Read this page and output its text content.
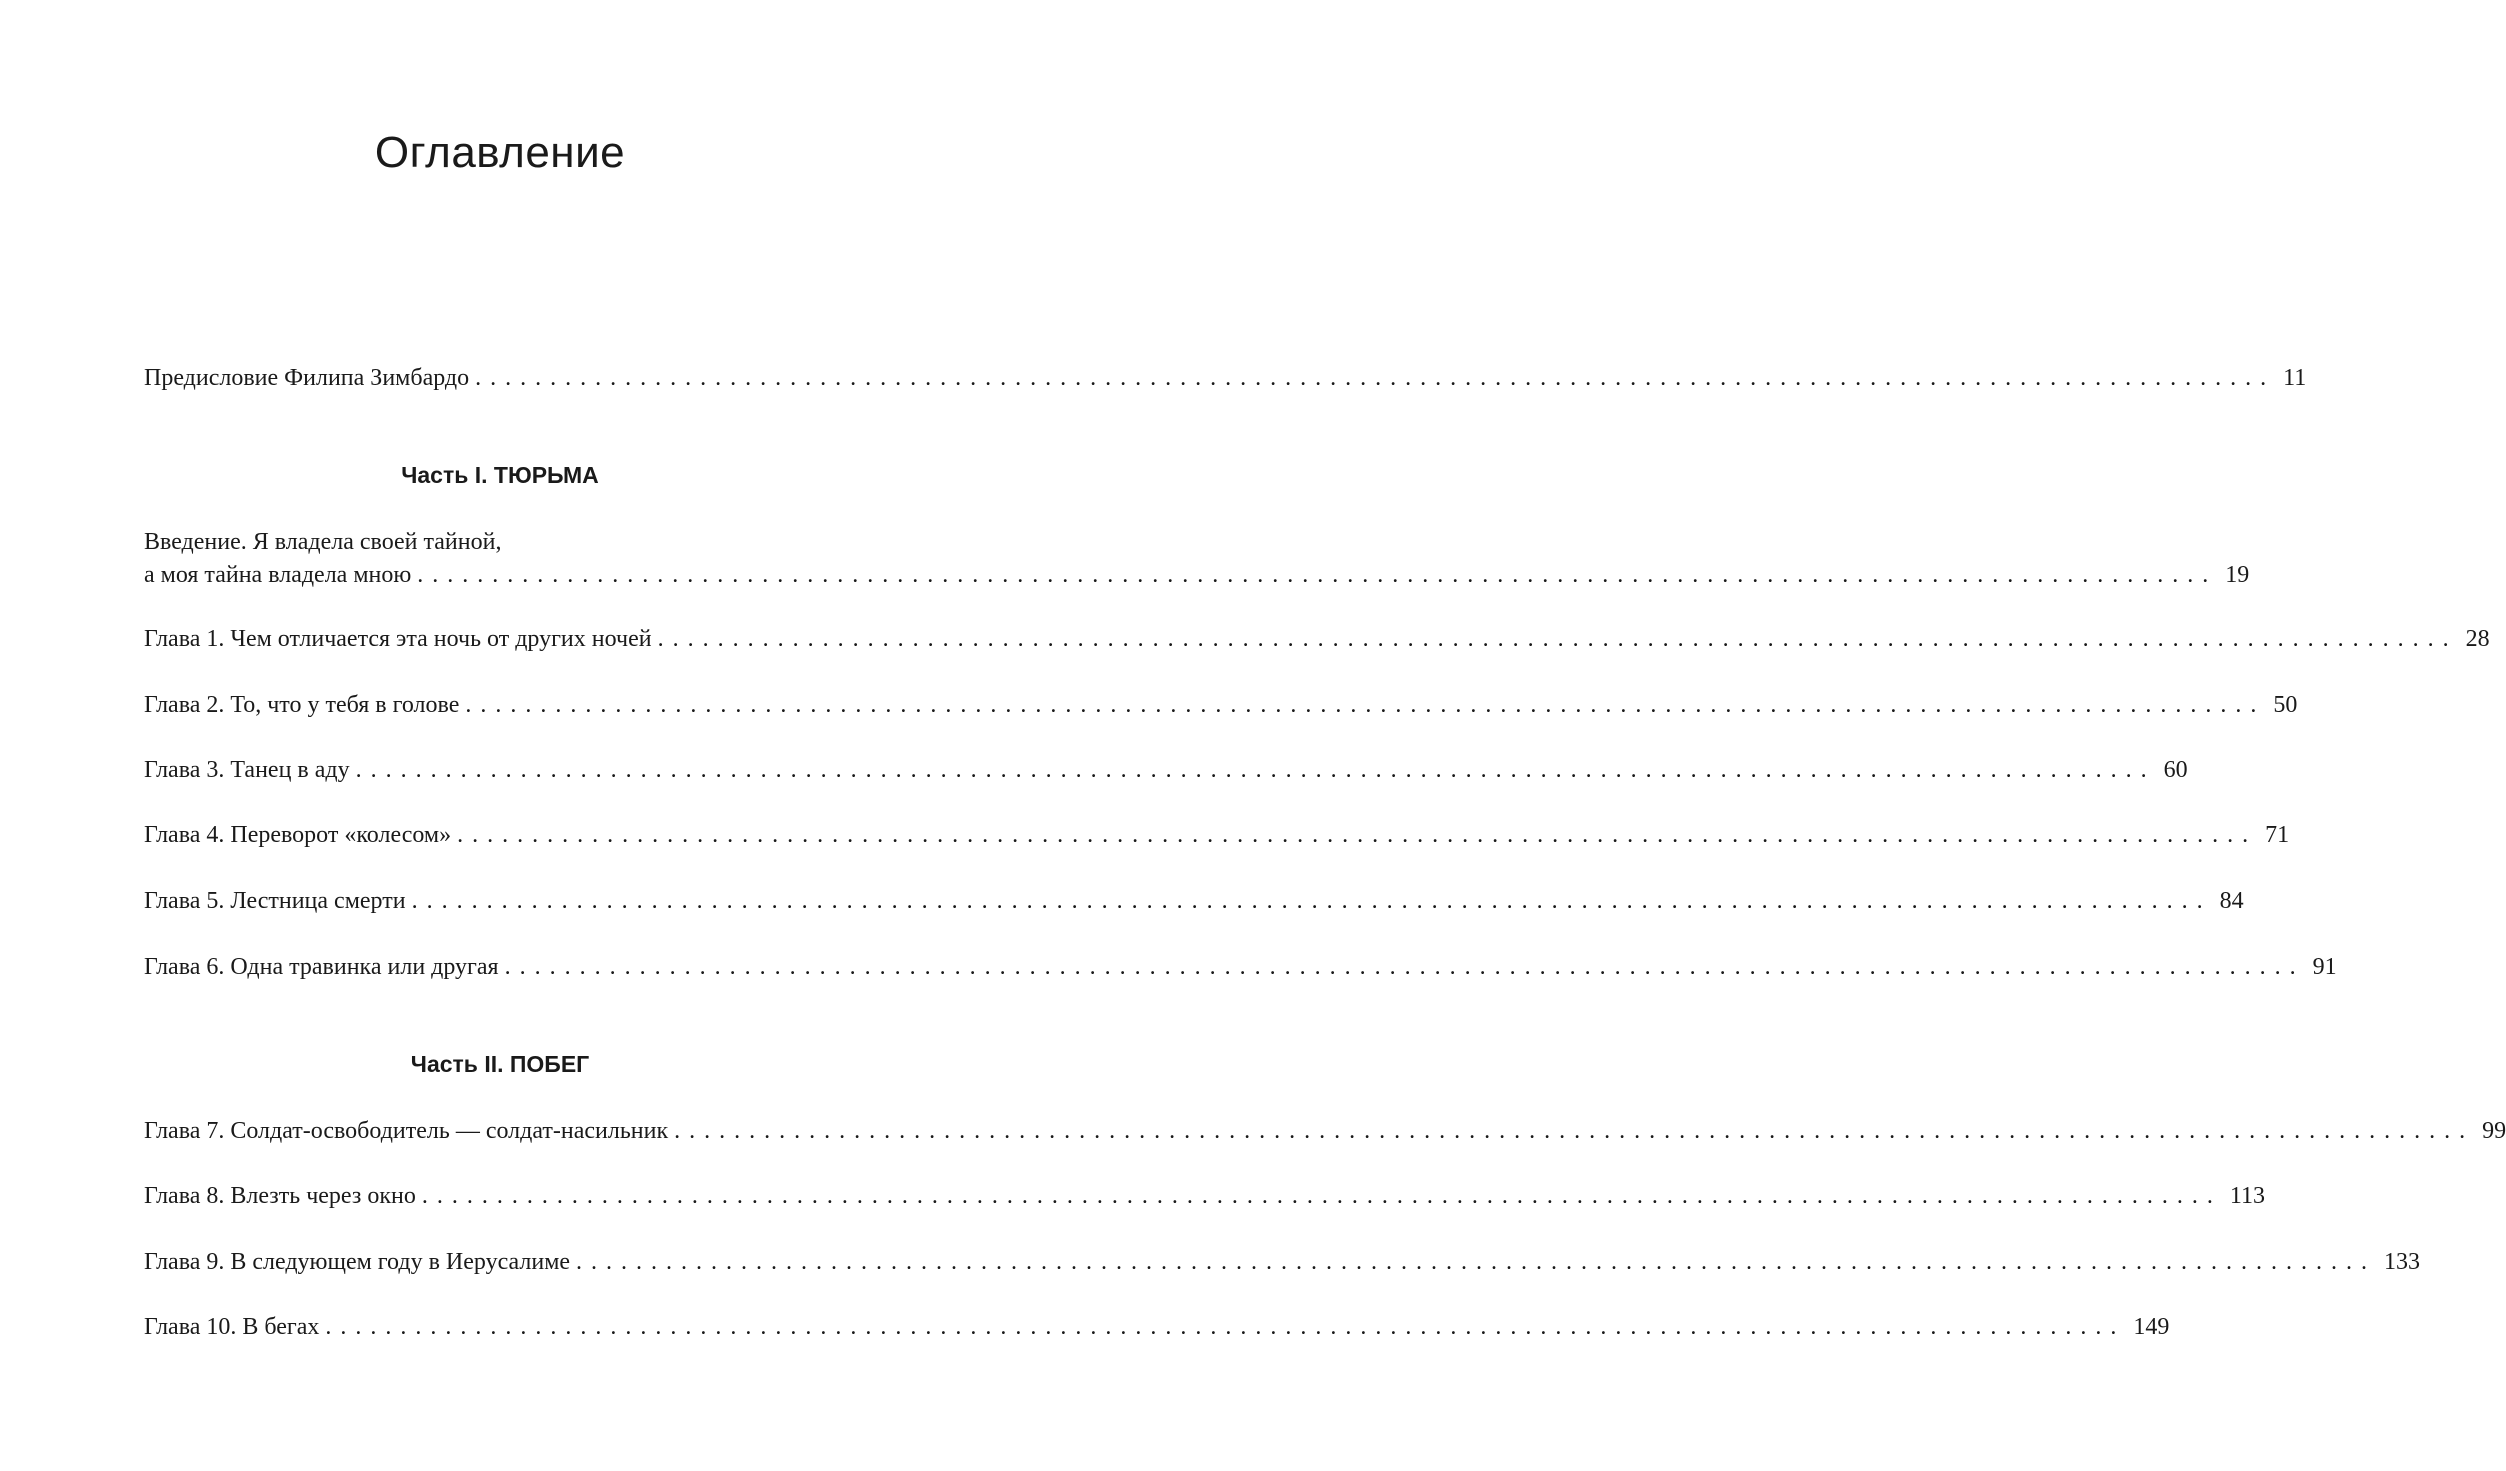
Оглавление
Предисловие Филипа Зимбардо ........................................................................................................................ 11
Часть I. ТЮРЬМА
Введение. Я владела своей тайной,
а моя тайна владела мною ........................................................................................................................ 19
Глава 1. Чем отличается эта ночь от других ночей ........................................................................................................................ 28
Глава 2. То, что у тебя в голове ........................................................................................................................ 50
Глава 3. Танец в аду ........................................................................................................................ 60
Глава 4. Переворот «колесом» ........................................................................................................................ 71
Глава 5. Лестница смерти ........................................................................................................................ 84
Глава 6. Одна травинка или другая ........................................................................................................................ 91
Часть II. ПОБЕГ
Глава 7. Солдат-освободитель — солдат-насильник ........................................................................................................................ 99
Глава 8. Влезть через окно ........................................................................................................................ 113
Глава 9. В следующем году в Иерусалиме ........................................................................................................................ 133
Глава 10. В бегах ........................................................................................................................ 149
